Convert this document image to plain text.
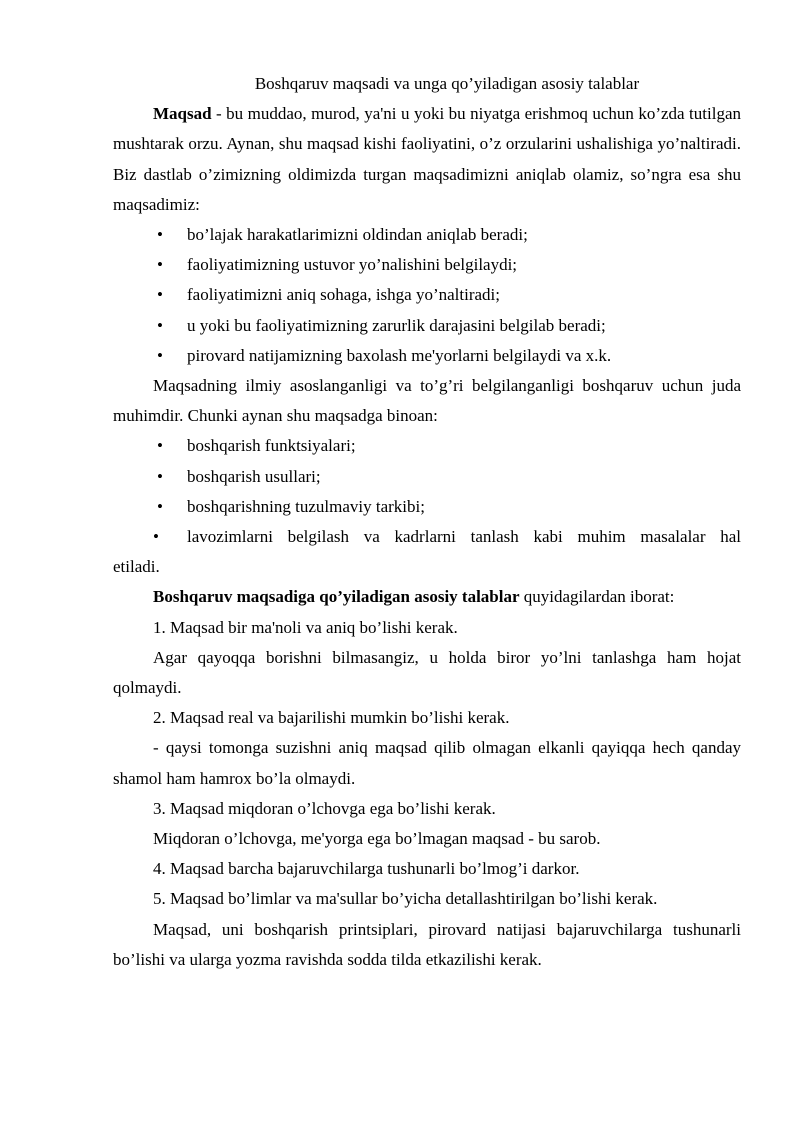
Boshqaruv maqsadi va unga qo’yiladigan asosiy talablar

Maqsad - bu muddao, murod, ya'ni u yoki bu niyatga erishmoq uchun ko’zda tutilgan mushtarak orzu. Aynan, shu maqsad kishi faoliyatini, o’z orzularini ushalishiga yo’naltiradi. Biz dastlab o’zimizning oldimizda turgan maqsadimizni aniqlab olamiz, so’ngra esa shu maqsadimiz:

• bo’lajak harakatlarimizni oldindan aniqlab beradi;
• faoliyatimizning ustuvor yo’nalishini belgilaydi;
• faoliyatimizni aniq sohaga, ishga yo’naltiradi;
• u yoki bu faoliyatimizning zarurlik darajasini belgilab beradi;
• pirovard natijamizning baxolash me'yorlarni belgilaydi va x.k.

Maqsadning ilmiy asoslanganligi va to’g’ri belgilanganligi boshqaruv uchun juda muhimdir. Chunki aynan shu maqsadga binoan:

• boshqarish funktsiyalari;
• boshqarish usullari;
• boshqarishning tuzulmaviy tarkibi;
•	lavozimlarni belgilash va kadrlarni tanlash kabi muhim masalalar hal

etiladi.

Boshqaruv maqsadiga qo’yiladigan asosiy talablar quyidagilardan iborat:

1. Maqsad bir ma'noli va aniq bo’lishi kerak.

Agar qayoqqa borishni bilmasangiz, u holda biror yo’lni tanlashga ham hojat qolmaydi.

2. Maqsad real va bajarilishi mumkin bo’lishi kerak.

- qaysi tomonga suzishni aniq maqsad qilib olmagan elkanli qayiqqa hech qanday shamol ham hamrox bo’la olmaydi.

3. Maqsad miqdoran o’lchovga ega bo’lishi kerak.

Miqdoran o’lchovga, me'yorga ega bo’lmagan maqsad - bu sarob.

4. Maqsad barcha bajaruvchilarga tushunarli bo’lmog’i darkor.

5. Maqsad bo’limlar va ma'sullar bo’yicha detallashtirilgan bo’lishi kerak.

Maqsad, uni boshqarish printsiplari, pirovard natijasi bajaruvchilarga tushunarli bo’lishi va ularga yozma ravishda sodda tilda etkazilishi kerak.
